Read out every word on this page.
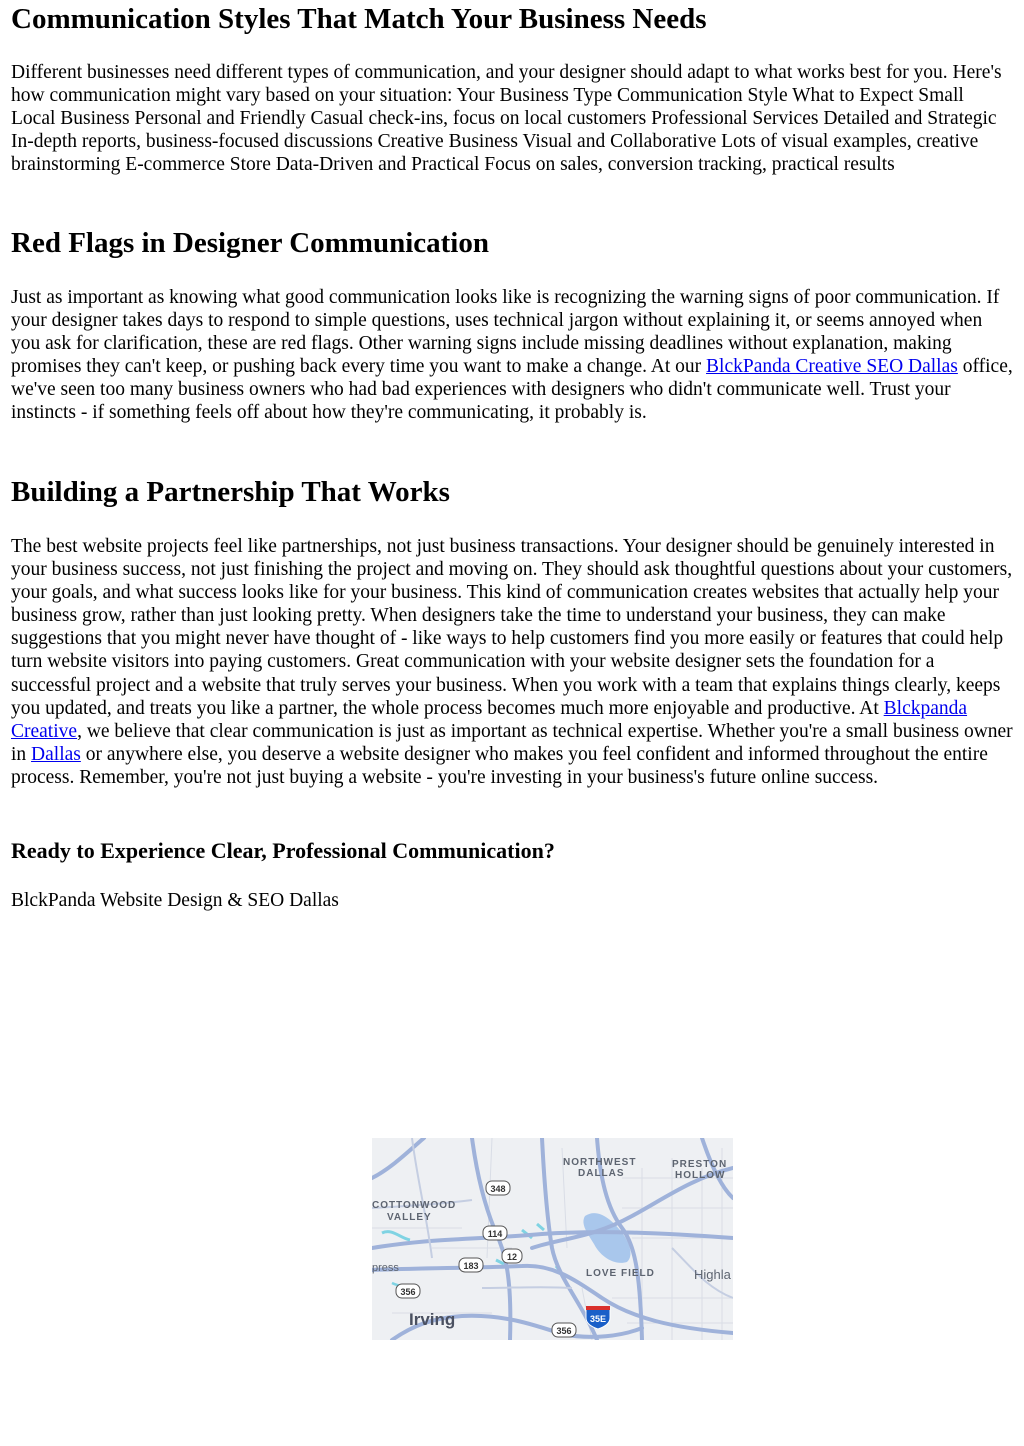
Communication Styles That Match Your Business Needs

Different businesses need different types of communication, and your designer should adapt to what works best for you. Here's how communication might vary based on your situation: Your Business Type Communication Style What to Expect Small Local Business Personal and Friendly Casual check-ins, focus on local customers Professional Services Detailed and Strategic In-depth reports, business-focused discussions Creative Business Visual and Collaborative Lots of visual examples, creative brainstorming E-commerce Store Data-Driven and Practical Focus on sales, conversion tracking, practical results

Red Flags in Designer Communication

Just as important as knowing what good communication looks like is recognizing the warning signs of poor communication. If your designer takes days to respond to simple questions, uses technical jargon without explaining it, or seems annoyed when you ask for clarification, these are red flags. Other warning signs include missing deadlines without explanation, making promises they can't keep, or pushing back every time you want to make a change. At our BlckPanda Creative SEO Dallas office, we've seen too many business owners who had bad experiences with designers who didn't communicate well. Trust your instincts - if something feels off about how they're communicating, it probably is.

Building a Partnership That Works

The best website projects feel like partnerships, not just business transactions. Your designer should be genuinely interested in your business success, not just finishing the project and moving on. They should ask thoughtful questions about your customers, your goals, and what success looks like for your business. This kind of communication creates websites that actually help your business grow, rather than just looking pretty. When designers take the time to understand your business, they can make suggestions that you might never have thought of - like ways to help customers find you more easily or features that could help turn website visitors into paying customers. Great communication with your website designer sets the foundation for a successful project and a website that truly serves your business. When you work with a team that explains things clearly, keeps you updated, and treats you like a partner, the whole process becomes much more enjoyable and productive. At Blckpanda Creative, we believe that clear communication is just as important as technical expertise. Whether you're a small business owner in Dallas or anywhere else, you deserve a website designer who makes you feel confident and informed throughout the entire process. Remember, you're not just buying a website - you're investing in your business's future online success.

Ready to Experience Clear, Professional Communication?

BlckPanda Website Design & SEO Dallas

NORTHWEST
DALLAS
PRESTON
HOLLOW
COTTONWOOD
VALLEY
LOVE FIELD	Highla
press
Irving
348
114
12
183
356
356
35E
